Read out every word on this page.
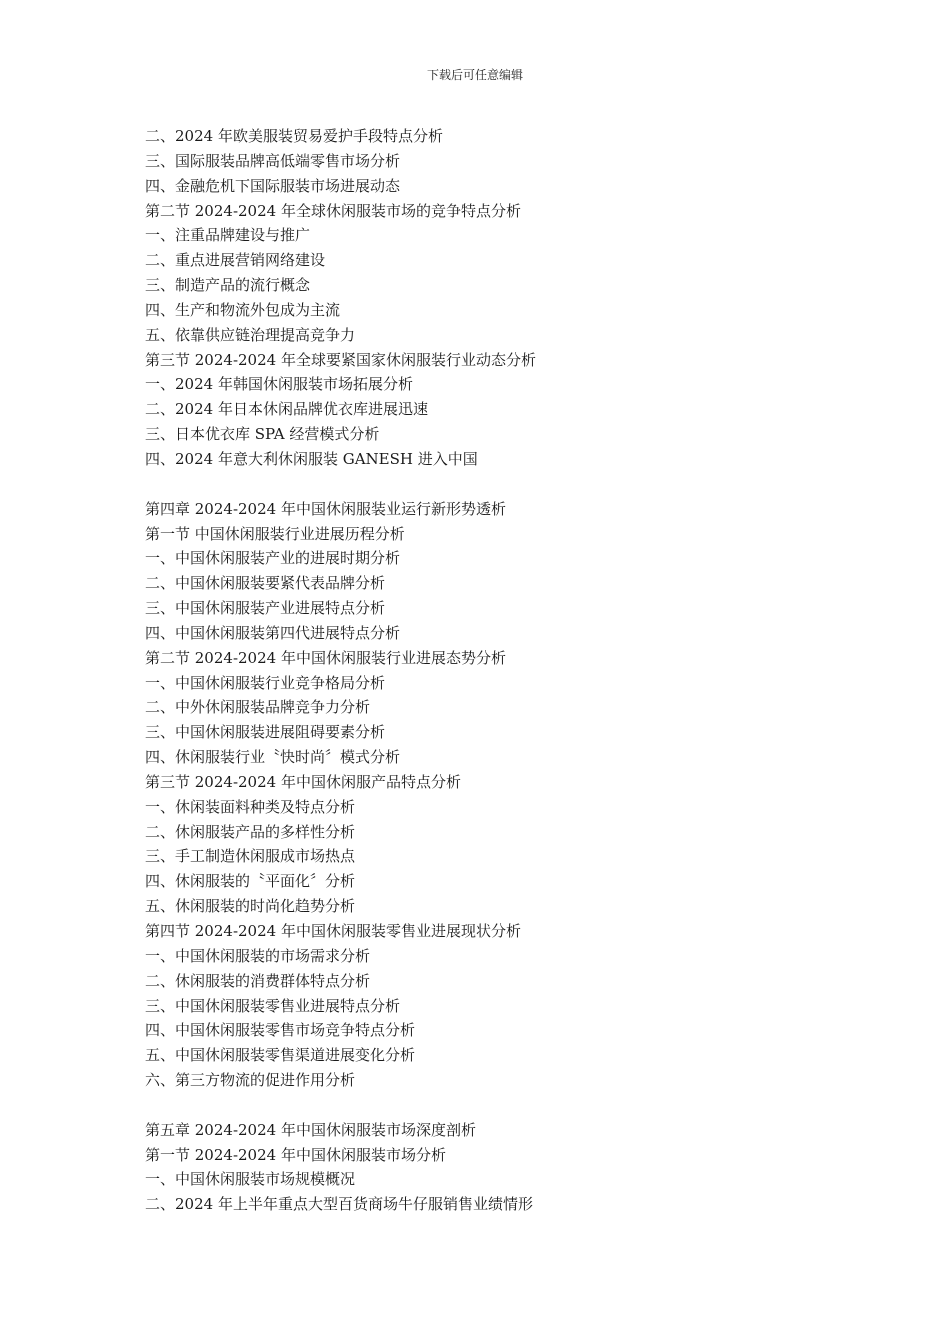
下载后可任意编辑
二、2024 年欧美服装贸易爱护手段特点分析
三、国际服装品牌高低端零售市场分析
四、金融危机下国际服装市场进展动态
第二节 2024-2024 年全球休闲服装市场的竞争特点分析
一、注重品牌建设与推广
二、重点进展营销网络建设
三、制造产品的流行概念
四、生产和物流外包成为主流
五、依靠供应链治理提高竞争力
第三节 2024-2024 年全球要紧国家休闲服装行业动态分析
一、2024 年韩国休闲服装市场拓展分析
二、2024 年日本休闲品牌优衣库进展迅速
三、日本优衣库 SPA 经营模式分析
四、2024 年意大利休闲服装 GANESH 进入中国
第四章 2024-2024 年中国休闲服装业运行新形势透析
第一节 中国休闲服装行业进展历程分析
一、中国休闲服装产业的进展时期分析
二、中国休闲服装要紧代表品牌分析
三、中国休闲服装产业进展特点分析
四、中国休闲服装第四代进展特点分析
第二节 2024-2024 年中国休闲服装行业进展态势分析
一、中国休闲服装行业竞争格局分析
二、中外休闲服装品牌竞争力分析
三、中国休闲服装进展阻碍要素分析
四、休闲服装行业〝快时尚〞模式分析
第三节 2024-2024 年中国休闲服产品特点分析
一、休闲装面料种类及特点分析
二、休闲服装产品的多样性分析
三、手工制造休闲服成市场热点
四、休闲服装的〝平面化〞分析
五、休闲服装的时尚化趋势分析
第四节 2024-2024 年中国休闲服装零售业进展现状分析
一、中国休闲服装的市场需求分析
二、休闲服装的消费群体特点分析
三、中国休闲服装零售业进展特点分析
四、中国休闲服装零售市场竞争特点分析
五、中国休闲服装零售渠道进展变化分析
六、第三方物流的促进作用分析
第五章 2024-2024 年中国休闲服装市场深度剖析
第一节 2024-2024 年中国休闲服装市场分析
一、中国休闲服装市场规模概况
二、2024 年上半年重点大型百货商场牛仔服销售业绩情形
